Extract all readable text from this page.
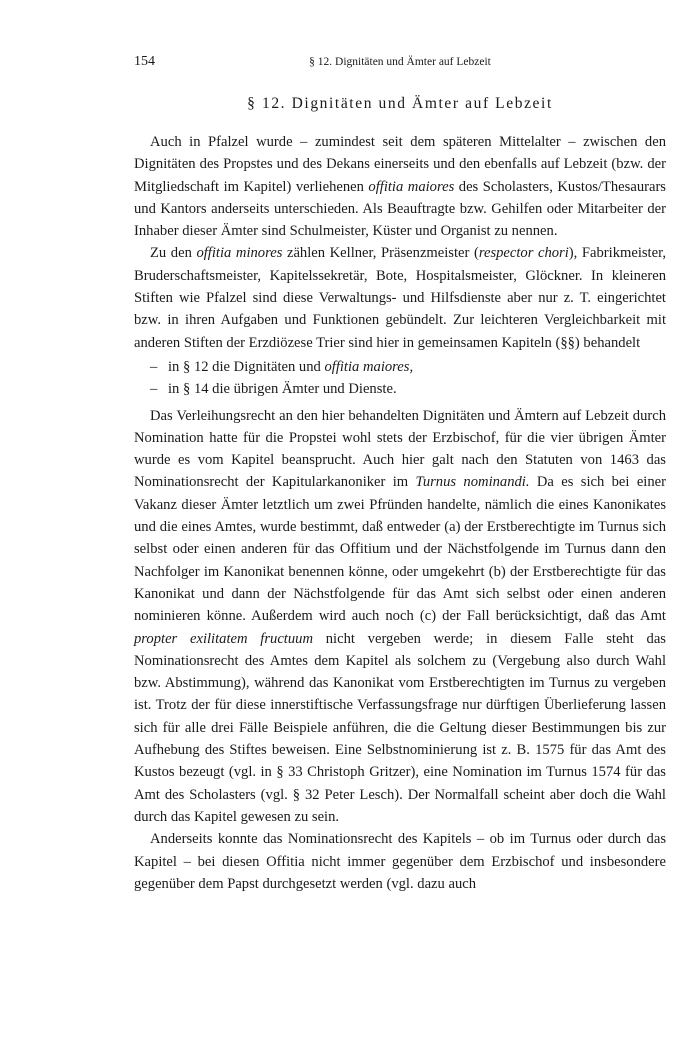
154	§ 12. Dignitäten und Ämter auf Lebzeit
§ 12. Dignitäten und Ämter auf Lebzeit

Auch in Pfalzel wurde – zumindest seit dem späteren Mittelalter – zwischen den Dignitäten des Propstes und des Dekans einerseits und den ebenfalls auf Lebzeit (bzw. der Mitgliedschaft im Kapitel) verliehenen offitia maiores des Scholasters, Kustos/Thesaurars und Kantors anderseits unterschieden. Als Beauftragte bzw. Gehilfen oder Mitarbeiter der Inhaber dieser Ämter sind Schulmeister, Küster und Organist zu nennen.

Zu den offitia minores zählen Kellner, Präsenzmeister (respector chori), Fabrikmeister, Bruderschaftsmeister, Kapitelssekretär, Bote, Hospitalsmeister, Glöckner. In kleineren Stiften wie Pfalzel sind diese Verwaltungs- und Hilfsdienste aber nur z. T. eingerichtet bzw. in ihren Aufgaben und Funktionen gebündelt. Zur leichteren Vergleichbarkeit mit anderen Stiften der Erzdiözese Trier sind hier in gemeinsamen Kapiteln (§§) behandelt

– in § 12 die Dignitäten und offitia maiores,
– in § 14 die übrigen Ämter und Dienste.

Das Verleihungsrecht an den hier behandelten Dignitäten und Ämtern auf Lebzeit durch Nomination hatte für die Propstei wohl stets der Erzbischof, für die vier übrigen Ämter wurde es vom Kapitel beansprucht. Auch hier galt nach den Statuten von 1463 das Nominationsrecht der Kapitularkanoniker im Turnus nominandi. Da es sich bei einer Vakanz dieser Ämter letztlich um zwei Pfründen handelte, nämlich die eines Kanonikates und die eines Amtes, wurde bestimmt, daß entweder (a) der Erstberechtigte im Turnus sich selbst oder einen anderen für das Offitium und der Nächstfolgende im Turnus dann den Nachfolger im Kanonikat benennen könne, oder umgekehrt (b) der Erstberechtigte für das Kanonikat und dann der Nächstfolgende für das Amt sich selbst oder einen anderen nominieren könne. Außerdem wird auch noch (c) der Fall berücksichtigt, daß das Amt propter exilitatem fructuum nicht vergeben werde; in diesem Falle steht das Nominationsrecht des Amtes dem Kapitel als solchem zu (Vergebung also durch Wahl bzw. Abstimmung), während das Kanonikat vom Erstberechtigten im Turnus zu vergeben ist. Trotz der für diese innerstiftische Verfassungsfrage nur dürftigen Überlieferung lassen sich für alle drei Fälle Beispiele anführen, die die Geltung dieser Bestimmungen bis zur Aufhebung des Stiftes beweisen. Eine Selbstnominierung ist z. B. 1575 für das Amt des Kustos bezeugt (vgl. in § 33 Christoph Gritzer), eine Nomination im Turnus 1574 für das Amt des Scholasters (vgl. § 32 Peter Lesch). Der Normalfall scheint aber doch die Wahl durch das Kapitel gewesen zu sein.

Anderseits konnte das Nominationsrecht des Kapitels – ob im Turnus oder durch das Kapitel – bei diesen Offitia nicht immer gegenüber dem Erzbischof und insbesondere gegenüber dem Papst durchgesetzt werden (vgl. dazu auch
